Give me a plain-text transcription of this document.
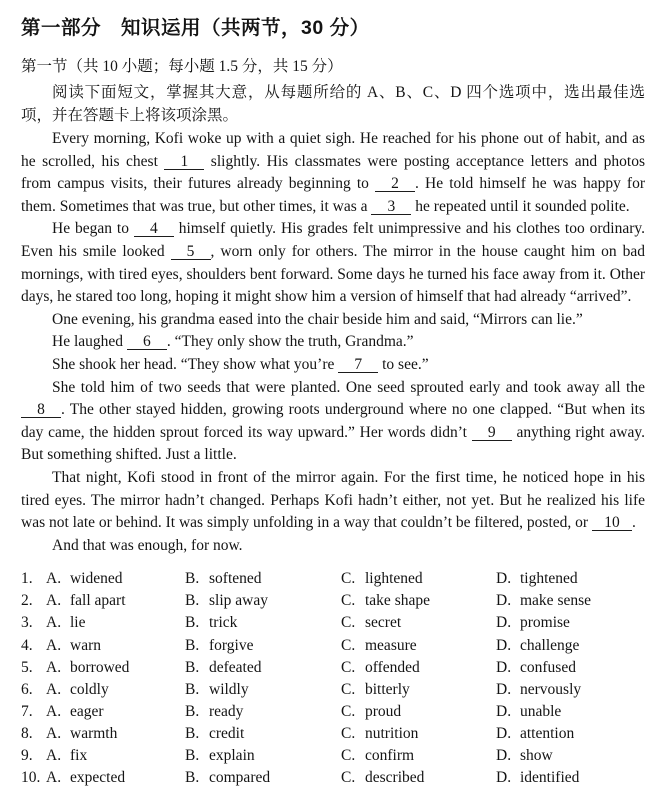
第一部分　知识运用（共两节，30 分）

第一节（共 10 小题；每小题 1.5 分，共 15 分）

阅读下面短文，掌握其大意，从每题所给的 A、B、C、D 四个选项中，选出最佳选项，并在答题卡上将该项涂黑。

Every morning, Kofi woke up with a quiet sigh. He reached for his phone out of habit, and as he scrolled, his chest 1 slightly. His classmates were posting acceptance letters and photos from campus visits, their futures already beginning to 2 . He told himself he was happy for them. Sometimes that was true, but other times, it was a 3 he repeated until it sounded polite.

He began to 4 himself quietly. His grades felt unimpressive and his clothes too ordinary. Even his smile looked 5 , worn only for others. The mirror in the house caught him on bad mornings, with tired eyes, shoulders bent forward. Some days he turned his face away from it. Other days, he stared too long, hoping it might show him a version of himself that had already “arrived”.

One evening, his grandma eased into the chair beside him and said, “Mirrors can lie.”

He laughed 6 . “They only show the truth, Grandma.”

She shook her head. “They show what you’re 7 to see.”

She told him of two seeds that were planted. One seed sprouted early and took away all the 8 . The other stayed hidden, growing roots underground where no one clapped. “But when its day came, the hidden sprout forced its way upward.” Her words didn’t 9 anything right away. But something shifted. Just a little.

That night, Kofi stood in front of the mirror again. For the first time, he noticed hope in his tired eyes. The mirror hadn’t changed. Perhaps Kofi hadn’t either, not yet. But he realized his life was not late or behind. It was simply unfolding in a way that couldn’t be filtered, posted, or 10 .

And that was enough, for now.

1. A. widened	B. softened	C. lightened	D. tightened
2. A. fall apart	B. slip away	C. take shape	D. make sense
3. A. lie	B. trick	C. secret	D. promise
4. A. warn	B. forgive	C. measure	D. challenge
5. A. borrowed	B. defeated	C. offended	D. confused
6. A. coldly	B. wildly	C. bitterly	D. nervously
7. A. eager	B. ready	C. proud	D. unable
8. A. warmth	B. credit	C. nutrition	D. attention
9. A. fix	B. explain	C. confirm	D. show
10. A. expected	B. compared	C. described	D. identified
